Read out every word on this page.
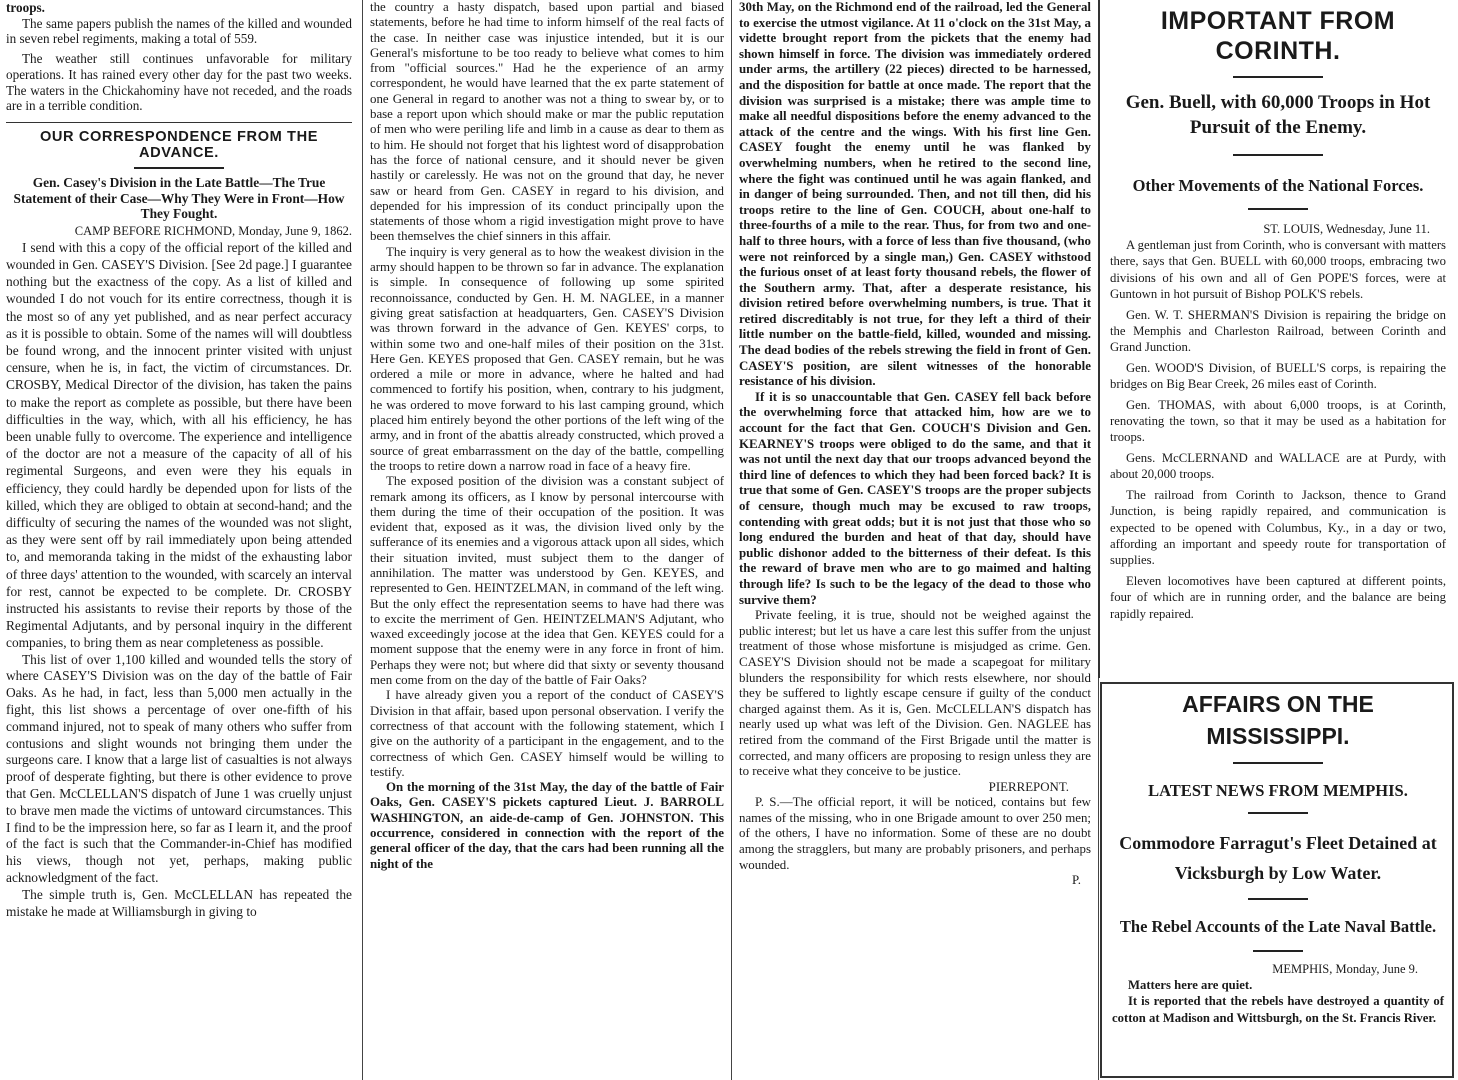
troops.

The same papers publish the names of the killed and wounded in seven rebel regiments, making a total of 559.

The weather still continues unfavorable for military operations. It has rained every other day for the past two weeks. The waters in the Chickahominy have not receded, and the roads are in a terrible condition.

OUR CORRESPONDENCE FROM THE ADVANCE.

Gen. Casey's Division in the Late Battle—The True Statement of their Case—Why They Were in Front—How They Fought.

CAMP BEFORE RICHMOND, Monday, June 9, 1862.

I send with this a copy of the official report of the killed and wounded in Gen. CASEY'S Division. [See 2d page.] I guarantee nothing but the exactness of the copy. As a list of killed and wounded I do not vouch for its entire correctness, though it is the most so of any yet published, and as near perfect accuracy as it is possible to obtain. Some of the names will will doubtless be found wrong, and the innocent printer visited with unjust censure, when he is, in fact, the victim of circumstances. Dr. CROSBY, Medical Director of the division, has taken the pains to make the report as complete as possible, but there have been difficulties in the way, which, with all his efficiency, he has been unable fully to overcome. The experience and intelligence of the doctor are not a measure of the capacity of all of his regimental Surgeons, and even were they his equals in efficiency, they could hardly be depended upon for lists of the killed, which they are obliged to obtain at second-hand; and the difficulty of securing the names of the wounded was not slight, as they were sent off by rail immediately upon being attended to, and memoranda taking in the midst of the exhausting labor of three days' attention to the wounded, with scarcely an interval for rest, cannot be expected to be complete. Dr. CROSBY instructed his assistants to revise their reports by those of the Regimental Adjutants, and by personal inquiry in the different companies, to bring them as near completeness as possible.

This list of over 1,100 killed and wounded tells the story of where CASEY'S Division was on the day of the battle of Fair Oaks. As he had, in fact, less than 5,000 men actually in the fight, this list shows a percentage of over one-fifth of his command injured, not to speak of many others who suffer from contusions and slight wounds not bringing them under the surgeons care. I know that a large list of casualties is not always proof of desperate fighting, but there is other evidence to prove that Gen. McCLELLAN'S dispatch of June 1 was cruelly unjust to brave men made the victims of untoward circumstances. This I find to be the impression here, so far as I learn it, and the proof of the fact is such that the Commander-in-Chief has modified his views, though not yet, perhaps, making public acknowledgment of the fact.

The simple truth is, Gen. McCLELLAN has repeated the mistake he made at Williamsburgh in giving to

the country a hasty dispatch, based upon partial and biased statements, before he had time to inform himself of the real facts of the case. In neither case was injustice intended, but it is our General's misfortune to be too ready to believe what comes to him from "official sources." Had he the experience of an army correspondent, he would have learned that the ex parte statement of one General in regard to another was not a thing to swear by, or to base a report upon which should make or mar the public reputation of men who were periling life and limb in a cause as dear to them as to him. He should not forget that his lightest word of disapprobation has the force of national censure, and it should never be given hastily or carelessly. He was not on the ground that day, he never saw or heard from Gen. CASEY in regard to his division, and depended for his impression of its conduct principally upon the statements of those whom a rigid investigation might prove to have been themselves the chief sinners in this affair.

The inquiry is very general as to how the weakest division in the army should happen to be thrown so far in advance. The explanation is simple. In consequence of following up some spirited reconnoissance, conducted by Gen. H. M. NAGLEE, in a manner giving great satisfaction at headquarters, Gen. CASEY'S Division was thrown forward in the advance of Gen. KEYES' corps, to within some two and one-half miles of their position on the 31st. Here Gen. KEYES proposed that Gen. CASEY remain, but he was ordered a mile or more in advance, where he halted and had commenced to fortify his position, when, contrary to his judgment, he was ordered to move forward to his last camping ground, which placed him entirely beyond the other portions of the left wing of the army, and in front of the abattis already constructed, which proved a source of great embarrassment on the day of the battle, compelling the troops to retire down a narrow road in face of a heavy fire.

The exposed position of the division was a constant subject of remark among its officers, as I know by personal intercourse with them during the time of their occupation of the position. It was evident that, exposed as it was, the division lived only by the sufferance of its enemies and a vigorous attack upon all sides, which their situation invited, must subject them to the danger of annihilation. The matter was understood by Gen. KEYES, and represented to Gen. HEINTZELMAN, in command of the left wing. But the only effect the representation seems to have had there was to excite the merriment of Gen. HEINTZELMAN'S Adjutant, who waxed exceedingly jocose at the idea that Gen. KEYES could for a moment suppose that the enemy were in any force in front of him. Perhaps they were not; but where did that sixty or seventy thousand men come from on the day of the battle of Fair Oaks?

I have already given you a report of the conduct of CASEY'S Division in that affair, based upon personal observation. I verify the correctness of that account with the following statement, which I give on the authority of a participant in the engagement, and to the correctness of which Gen. CASEY himself would be willing to testify.

On the morning of the 31st May, the day of the battle of Fair Oaks, Gen. CASEY'S pickets captured Lieut. J. BARROLL WASHINGTON, an aide-de-camp of Gen. JOHNSTON. This occurrence, considered in connection with the report of the general officer of the day, that the cars had been running all the night of the

30th May, on the Richmond end of the railroad, led the General to exercise the utmost vigilance. At 11 o'clock on the 31st May, a vidette brought report from the pickets that the enemy had shown himself in force. The division was immediately ordered under arms, the artillery (22 pieces) directed to be harnessed, and the disposition for battle at once made. The report that the division was surprised is a mistake; there was ample time to make all needful dispositions before the enemy advanced to the attack of the centre and the wings. With his first line Gen. CASEY fought the enemy until he was flanked by overwhelming numbers, when he retired to the second line, where the fight was continued until he was again flanked, and in danger of being surrounded. Then, and not till then, did his troops retire to the line of Gen. COUCH, about one-half to three-fourths of a mile to the rear. Thus, for from two and one-half to three hours, with a force of less than five thousand, (who were not reinforced by a single man,) Gen. CASEY withstood the furious onset of at least forty thousand rebels, the flower of the Southern army. That, after a desperate resistance, his division retired before overwhelming numbers, is true. That it retired discreditably is not true, for they left a third of their little number on the battle-field, killed, wounded and missing. The dead bodies of the rebels strewing the field in front of Gen. CASEY'S position, are silent witnesses of the honorable resistance of his division.

If it is so unaccountable that Gen. CASEY fell back before the overwhelming force that attacked him, how are we to account for the fact that Gen. COUCH'S Division and Gen. KEARNEY'S troops were obliged to do the same, and that it was not until the next day that our troops advanced beyond the third line of defences to which they had been forced back? It is true that some of Gen. CASEY'S troops are the proper subjects of censure, though much may be excused to raw troops, contending with great odds; but it is not just that those who so long endured the burden and heat of that day, should have public dishonor added to the bitterness of their defeat. Is this the reward of brave men who are to go maimed and halting through life? Is such to be the legacy of the dead to those who survive them?

Private feeling, it is true, should not be weighed against the public interest; but let us have a care lest this suffer from the unjust treatment of those whose misfortune is misjudged as crime. Gen. CASEY'S Division should not be made a scapegoat for military blunders the responsibility for which rests elsewhere, nor should they be suffered to lightly escape censure if guilty of the conduct charged against them. As it is, Gen. McCLELLAN'S dispatch has nearly used up what was left of the Division. Gen. NAGLEE has retired from the command of the First Brigade until the matter is corrected, and many officers are proposing to resign unless they are to receive what they conceive to be justice.

PIERREPONT.

P. S.—The official report, it will be noticed, contains but few names of the missing, who in one Brigade amount to over 250 men; of the others, I have no information. Some of these are no doubt among the stragglers, but many are probably prisoners, and perhaps wounded.

P.

IMPORTANT FROM CORINTH.

Gen. Buell, with 60,000 Troops in Hot Pursuit of the Enemy.

Other Movements of the National Forces.

ST. LOUIS, Wednesday, June 11.

A gentleman just from Corinth, who is conversant with matters there, says that Gen. BUELL with 60,000 troops, embracing two divisions of his own and all of Gen POPE'S forces, were at Guntown in hot pursuit of Bishop POLK'S rebels.

Gen. W. T. SHERMAN'S Division is repairing the bridge on the Memphis and Charleston Railroad, between Corinth and Grand Junction.

Gen. WOOD'S Division, of BUELL'S corps, is repairing the bridges on Big Bear Creek, 26 miles east of Corinth.

Gen. THOMAS, with about 6,000 troops, is at Corinth, renovating the town, so that it may be used as a habitation for troops.

Gens. McCLERNAND and WALLACE are at Purdy, with about 20,000 troops.

The railroad from Corinth to Jackson, thence to Grand Junction, is being rapidly repaired, and communication is expected to be opened with Columbus, Ky., in a day or two, affording an important and speedy route for transportation of supplies.

Eleven locomotives have been captured at different points, four of which are in running order, and the balance are being rapidly repaired.

AFFAIRS ON THE MISSISSIPPI.

LATEST NEWS FROM MEMPHIS.

Commodore Farragut's Fleet Detained at Vicksburgh by Low Water.

The Rebel Accounts of the Late Naval Battle.

MEMPHIS, Monday, June 9.

Matters here are quiet.

It is reported that the rebels have destroyed a quantity of cotton at Madison and Wittsburgh, on the St. Francis River.
